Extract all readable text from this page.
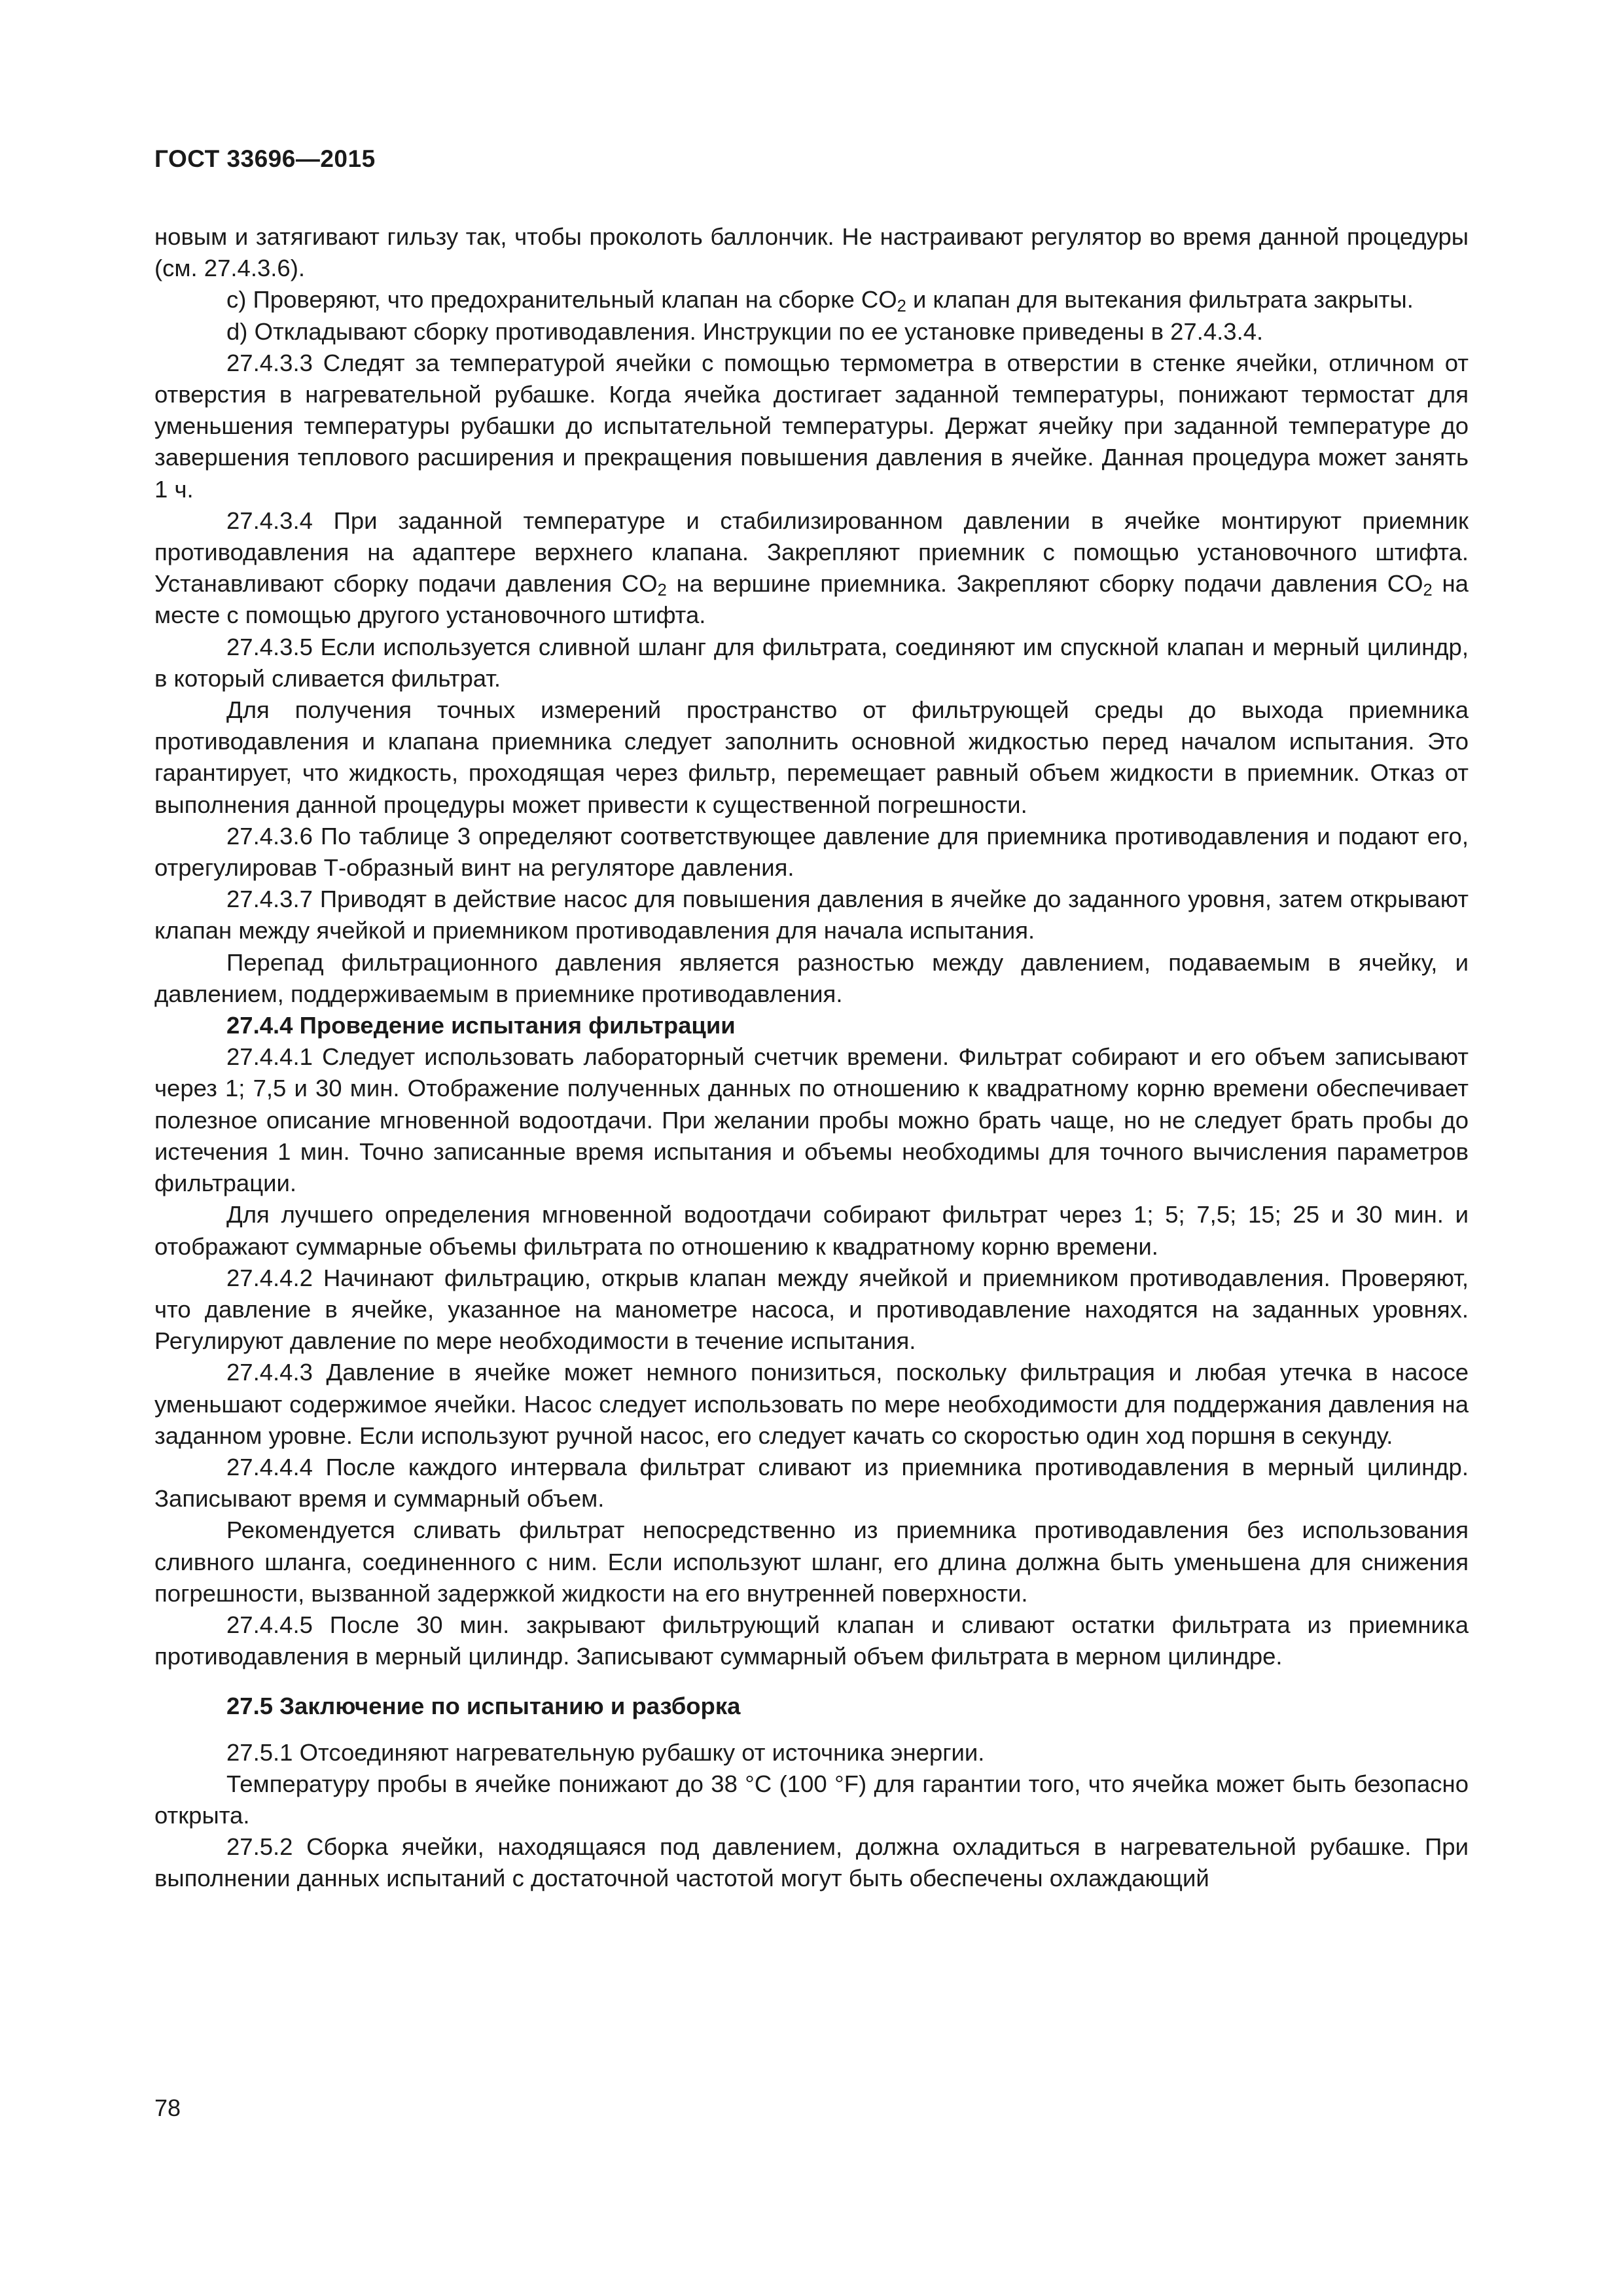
ГОСТ 33696—2015

новым и затягивают гильзу так, чтобы проколоть баллончик. Не настраивают регулятор во время данной процедуры (см. 27.4.3.6).

с) Проверяют, что предохранительный клапан на сборке $CO_2$ и клапан для вытекания фильтрата закрыты.

d) Откладывают сборку противодавления. Инструкции по ее установке приведены в 27.4.3.4.

27.4.3.3 Следят за температурой ячейки с помощью термометра в отверстии в стенке ячейки, отличном от отверстия в нагревательной рубашке. Когда ячейка достигает заданной температуры, понижают термостат для уменьшения температуры рубашки до испытательной температуры. Держат ячейку при заданной температуре до завершения теплового расширения и прекращения повышения давления в ячейке. Данная процедура может занять 1 ч.

27.4.3.4 При заданной температуре и стабилизированном давлении в ячейке монтируют приемник противодавления на адаптере верхнего клапана. Закрепляют приемник с помощью установочного штифта. Устанавливают сборку подачи давления $CO_2$ на вершине приемника. Закрепляют сборку подачи давления $CO_2$ на месте с помощью другого установочного штифта.

27.4.3.5 Если используется сливной шланг для фильтрата, соединяют им спускной клапан и мерный цилиндр, в который сливается фильтрат.

Для получения точных измерений пространство от фильтрующей среды до выхода приемника противодавления и клапана приемника следует заполнить основной жидкостью перед началом испытания. Это гарантирует, что жидкость, проходящая через фильтр, перемещает равный объем жидкости в приемник. Отказ от выполнения данной процедуры может привести к существенной погрешности.

27.4.3.6 По таблице 3 определяют соответствующее давление для приемника противодавления и подают его, отрегулировав Т-образный винт на регуляторе давления.

27.4.3.7 Приводят в действие насос для повышения давления в ячейке до заданного уровня, затем открывают клапан между ячейкой и приемником противодавления для начала испытания.

Перепад фильтрационного давления является разностью между давлением, подаваемым в ячейку, и давлением, поддерживаемым в приемнике противодавления.

27.4.4 Проведение испытания фильтрации

27.4.4.1 Следует использовать лабораторный счетчик времени. Фильтрат собирают и его объем записывают через 1; 7,5 и 30 мин. Отображение полученных данных по отношению к квадратному корню времени обеспечивает полезное описание мгновенной водоотдачи. При желании пробы можно брать чаще, но не следует брать пробы до истечения 1 мин. Точно записанные время испытания и объемы необходимы для точного вычисления параметров фильтрации.

Для лучшего определения мгновенной водоотдачи собирают фильтрат через 1; 5; 7,5; 15; 25 и 30 мин. и отображают суммарные объемы фильтрата по отношению к квадратному корню времени.

27.4.4.2 Начинают фильтрацию, открыв клапан между ячейкой и приемником противодавления. Проверяют, что давление в ячейке, указанное на манометре насоса, и противодавление находятся на заданных уровнях. Регулируют давление по мере необходимости в течение испытания.

27.4.4.3 Давление в ячейке может немного понизиться, поскольку фильтрация и любая утечка в насосе уменьшают содержимое ячейки. Насос следует использовать по мере необходимости для поддержания давления на заданном уровне. Если используют ручной насос, его следует качать со скоростью один ход поршня в секунду.

27.4.4.4 После каждого интервала фильтрат сливают из приемника противодавления в мерный цилиндр. Записывают время и суммарный объем.

Рекомендуется сливать фильтрат непосредственно из приемника противодавления без использования сливного шланга, соединенного с ним. Если используют шланг, его длина должна быть уменьшена для снижения погрешности, вызванной задержкой жидкости на его внутренней поверхности.

27.4.4.5 После 30 мин. закрывают фильтрующий клапан и сливают остатки фильтрата из приемника противодавления в мерный цилиндр. Записывают суммарный объем фильтрата в мерном цилиндре.

27.5 Заключение по испытанию и разборка

27.5.1 Отсоединяют нагревательную рубашку от источника энергии.

Температуру пробы в ячейке понижают до 38 °С (100 °F) для гарантии того, что ячейка может быть безопасно открыта.

27.5.2 Сборка ячейки, находящаяся под давлением, должна охладиться в нагревательной рубашке. При выполнении данных испытаний с достаточной частотой могут быть обеспечены охлаждающий

78
